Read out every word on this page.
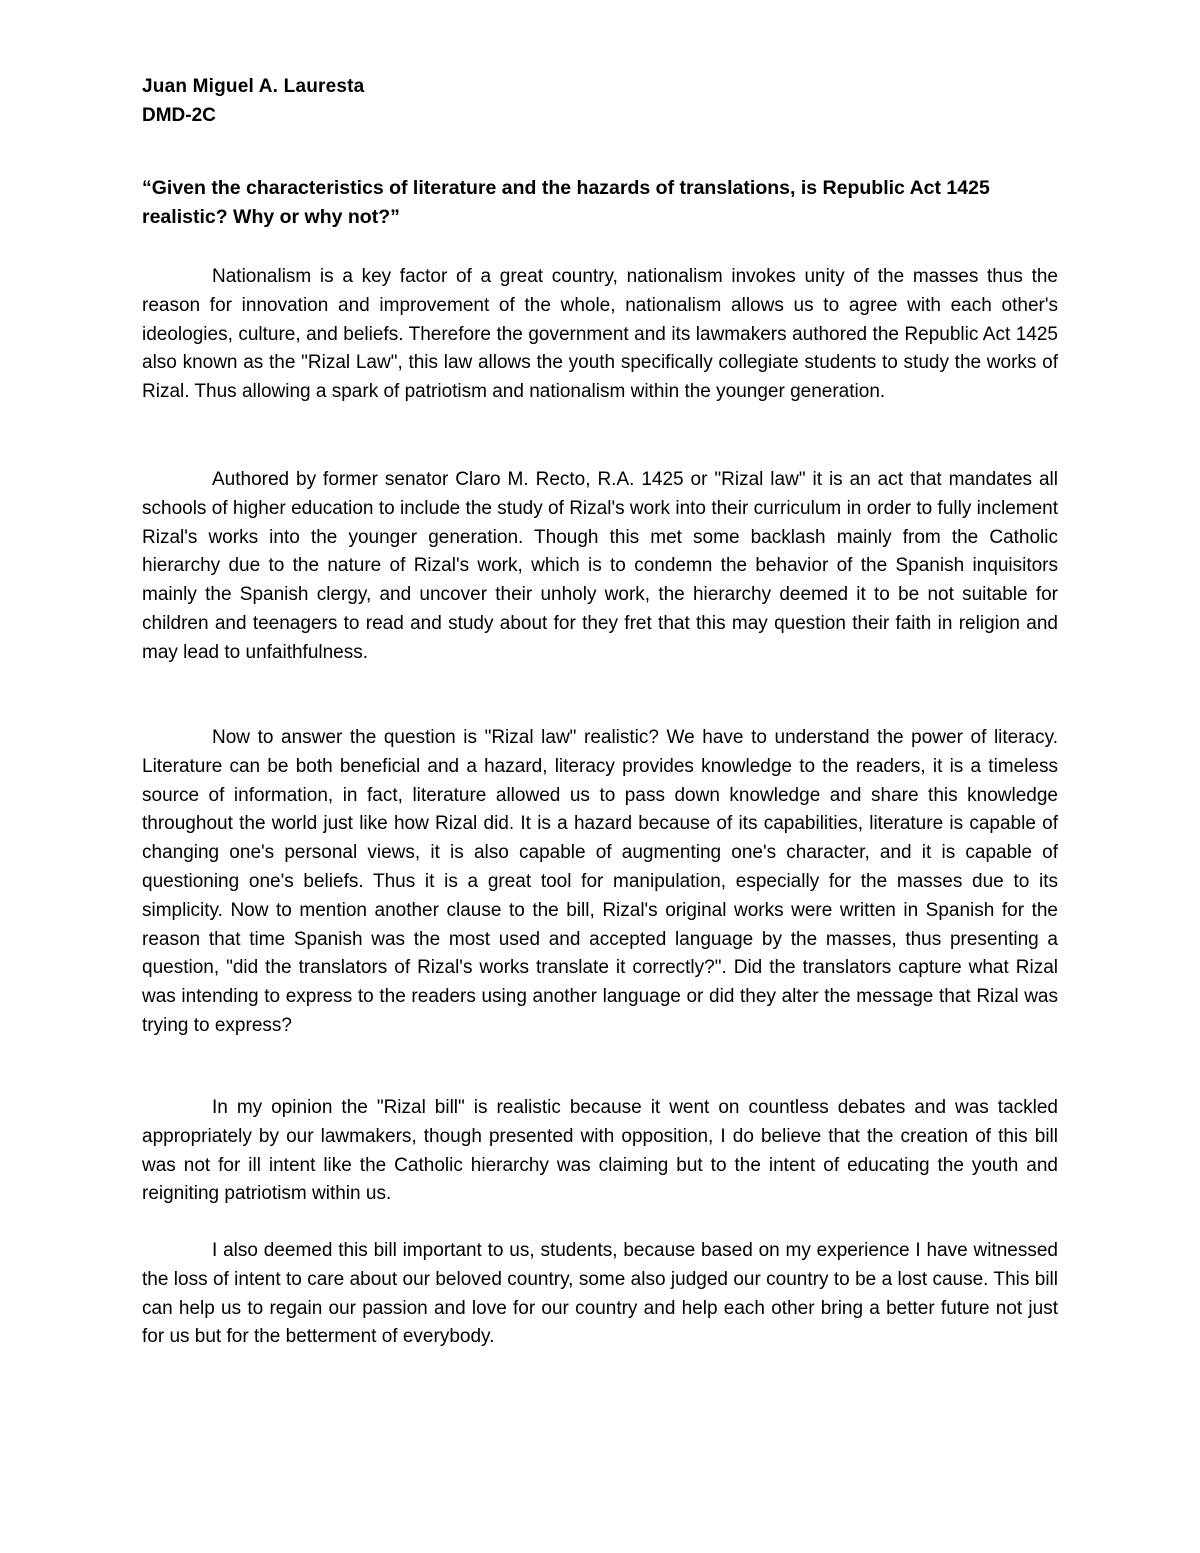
Juan Miguel A. Lauresta
DMD-2C
“Given the characteristics of literature and the hazards of translations, is Republic Act 1425 realistic? Why or why not?”

Nationalism is a key factor of a great country, nationalism invokes unity of the masses thus the reason for innovation and improvement of the whole, nationalism allows us to agree with each other's ideologies, culture, and beliefs. Therefore the government and its lawmakers authored the Republic Act 1425 also known as the "Rizal Law", this law allows the youth specifically collegiate students to study the works of Rizal. Thus allowing a spark of patriotism and nationalism within the younger generation.

Authored by former senator Claro M. Recto, R.A. 1425 or "Rizal law" it is an act that mandates all schools of higher education to include the study of Rizal's work into their curriculum in order to fully inclement Rizal's works into the younger generation. Though this met some backlash mainly from the Catholic hierarchy due to the nature of Rizal's work, which is to condemn the behavior of the Spanish inquisitors mainly the Spanish clergy, and uncover their unholy work, the hierarchy deemed it to be not suitable for children and teenagers to read and study about for they fret that this may question their faith in religion and may lead to unfaithfulness.

Now to answer the question is "Rizal law" realistic? We have to understand the power of literacy. Literature can be both beneficial and a hazard, literacy provides knowledge to the readers, it is a timeless source of information, in fact, literature allowed us to pass down knowledge and share this knowledge throughout the world just like how Rizal did. It is a hazard because of its capabilities, literature is capable of changing one's personal views, it is also capable of augmenting one's character, and it is capable of questioning one's beliefs. Thus it is a great tool for manipulation, especially for the masses due to its simplicity. Now to mention another clause to the bill, Rizal's original works were written in Spanish for the reason that time Spanish was the most used and accepted language by the masses, thus presenting a question, "did the translators of Rizal's works translate it correctly?". Did the translators capture what Rizal was intending to express to the readers using another language or did they alter the message that Rizal was trying to express?

In my opinion the "Rizal bill" is realistic because it went on countless debates and was tackled appropriately by our lawmakers, though presented with opposition, I do believe that the creation of this bill was not for ill intent like the Catholic hierarchy was claiming but to the intent of educating the youth and reigniting patriotism within us.

I also deemed this bill important to us, students, because based on my experience I have witnessed the loss of intent to care about our beloved country, some also judged our country to be a lost cause. This bill can help us to regain our passion and love for our country and help each other bring a better future not just for us but for the betterment of everybody.
